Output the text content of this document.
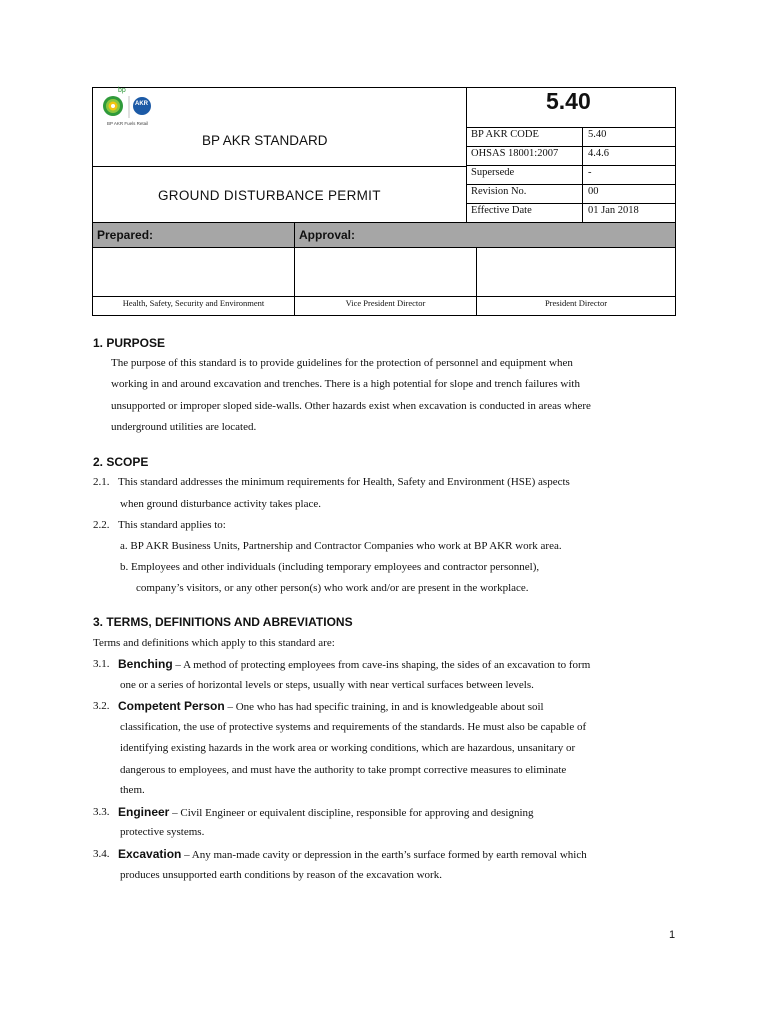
bp
AKR
BP AKR Fuels Retail
5.40
BP AKR STANDARD
GROUND DISTURBANCE PERMIT
BP AKR CODE	5.40
OHSAS 18001:2007	4.4.6
Supersede	-
Revision No.	00
Effective Date	01 Jan 2018
Prepared:	Approval:
Health, Safety, Security and Environment	Vice President Director	President Director
1. PURPOSE
The purpose of this standard is to provide guidelines for the protection of personnel and equipment when
working in and around excavation and trenches. There is a high potential for slope and trench failures with
unsupported or improper sloped side-walls. Other hazards exist when excavation is conducted in areas where
underground utilities are located.
2. SCOPE
2.1. This standard addresses the minimum requirements for Health, Safety and Environment (HSE) aspects
when ground disturbance activity takes place.
2.2. This standard applies to:
a. BP AKR Business Units, Partnership and Contractor Companies who work at BP AKR work area.
b. Employees and other individuals (including temporary employees and contractor personnel),
company’s visitors, or any other person(s) who work and/or are present in the workplace.
3. TERMS, DEFINITIONS AND ABREVIATIONS
Terms and definitions which apply to this standard are:
3.1. Benching – A method of protecting employees from cave-ins shaping, the sides of an excavation to form
one or a series of horizontal levels or steps, usually with near vertical surfaces between levels.
3.2. Competent Person – One who has had specific training, in and is knowledgeable about soil
classification, the use of protective systems and requirements of the standards. He must also be capable of
identifying existing hazards in the work area or working conditions, which are hazardous, unsanitary or
dangerous to employees, and must have the authority to take prompt corrective measures to eliminate
them.
3.3. Engineer – Civil Engineer or equivalent discipline, responsible for approving and designing
protective systems.
3.4. Excavation – Any man-made cavity or depression in the earth’s surface formed by earth removal which
produces unsupported earth conditions by reason of the excavation work.
1
